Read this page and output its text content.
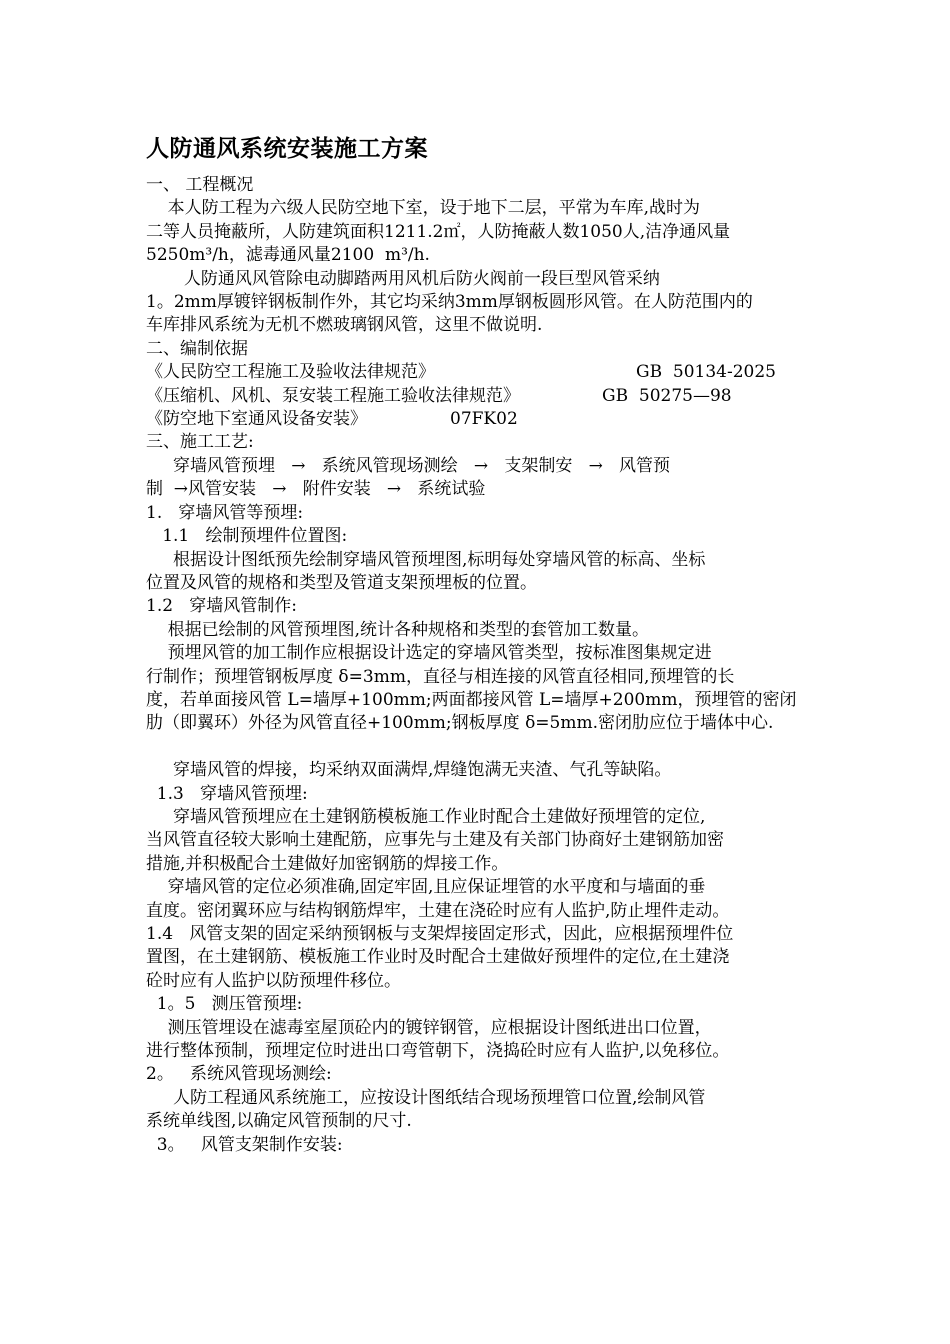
人防通风系统安装施工方案
一、 工程概况
本人防工程为六级人民防空地下室，设于地下二层，平常为车库,战时为
二等人员掩蔽所，人防建筑面积1211.2㎡，人防掩蔽人数1050人,洁净通风量
5250m³/h，滤毒通风量2100  m³/h.
人防通风风管除电动脚踏两用风机后防火阀前一段巨型风管采纳
1。2mm厚镀锌钢板制作外，其它均采纳3mm厚钢板圆形风管。在人防范围内的
车库排风系统为无机不燃玻璃钢风管，这里不做说明.
二、编制依据
《人民防空工程施工及验收法律规范》	GB  50134-2025
《压缩机、风机、泵安装工程施工验收法律规范》	GB  50275—98
《防空地下室通风设备安装》	07FK02
三、施工工艺:
穿墙风管预埋   →   系统风管现场测绘   →   支架制安   →   风管预
制  →风管安装   →   附件安装   →   系统试验
1.   穿墙风管等预埋:
1.1   绘制预埋件位置图:
根据设计图纸预先绘制穿墙风管预埋图,标明每处穿墙风管的标高、坐标
位置及风管的规格和类型及管道支架预埋板的位置。
1.2   穿墙风管制作:
根据已绘制的风管预埋图,统计各种规格和类型的套管加工数量。
预埋风管的加工制作应根据设计选定的穿墙风管类型，按标准图集规定进
行制作；预埋管钢板厚度 δ=3mm，直径与相连接的风管直径相同,预埋管的长
度，若单面接风管 L=墙厚+100mm;两面都接风管 L=墙厚+200mm，预埋管的密闭
肋（即翼环）外径为风管直径+100mm;钢板厚度 δ=5mm.密闭肋应位于墙体中心.
穿墙风管的焊接，均采纳双面满焊,焊缝饱满无夹渣、气孔等缺陷。
1.3   穿墙风管预埋:
穿墙风管预埋应在土建钢筋模板施工作业时配合土建做好预埋管的定位,
当风管直径较大影响土建配筋，应事先与土建及有关部门协商好土建钢筋加密
措施,并积极配合土建做好加密钢筋的焊接工作。
穿墙风管的定位必须准确,固定牢固,且应保证埋管的水平度和与墙面的垂
直度。密闭翼环应与结构钢筋焊牢，土建在浇砼时应有人监护,防止埋件走动。
1.4   风管支架的固定采纳预钢板与支架焊接固定形式，因此，应根据预埋件位
置图，在土建钢筋、模板施工作业时及时配合土建做好预埋件的定位,在土建浇
砼时应有人监护以防预埋件移位。
1。5   测压管预埋:
测压管埋设在滤毒室屋顶砼内的镀锌钢管，应根据设计图纸进出口位置，
进行整体预制，预埋定位时进出口弯管朝下，浇捣砼时应有人监护,以免移位。
2。   系统风管现场测绘:
人防工程通风系统施工，应按设计图纸结合现场预埋管口位置,绘制风管
系统单线图,以确定风管预制的尺寸.
3。   风管支架制作安装:
